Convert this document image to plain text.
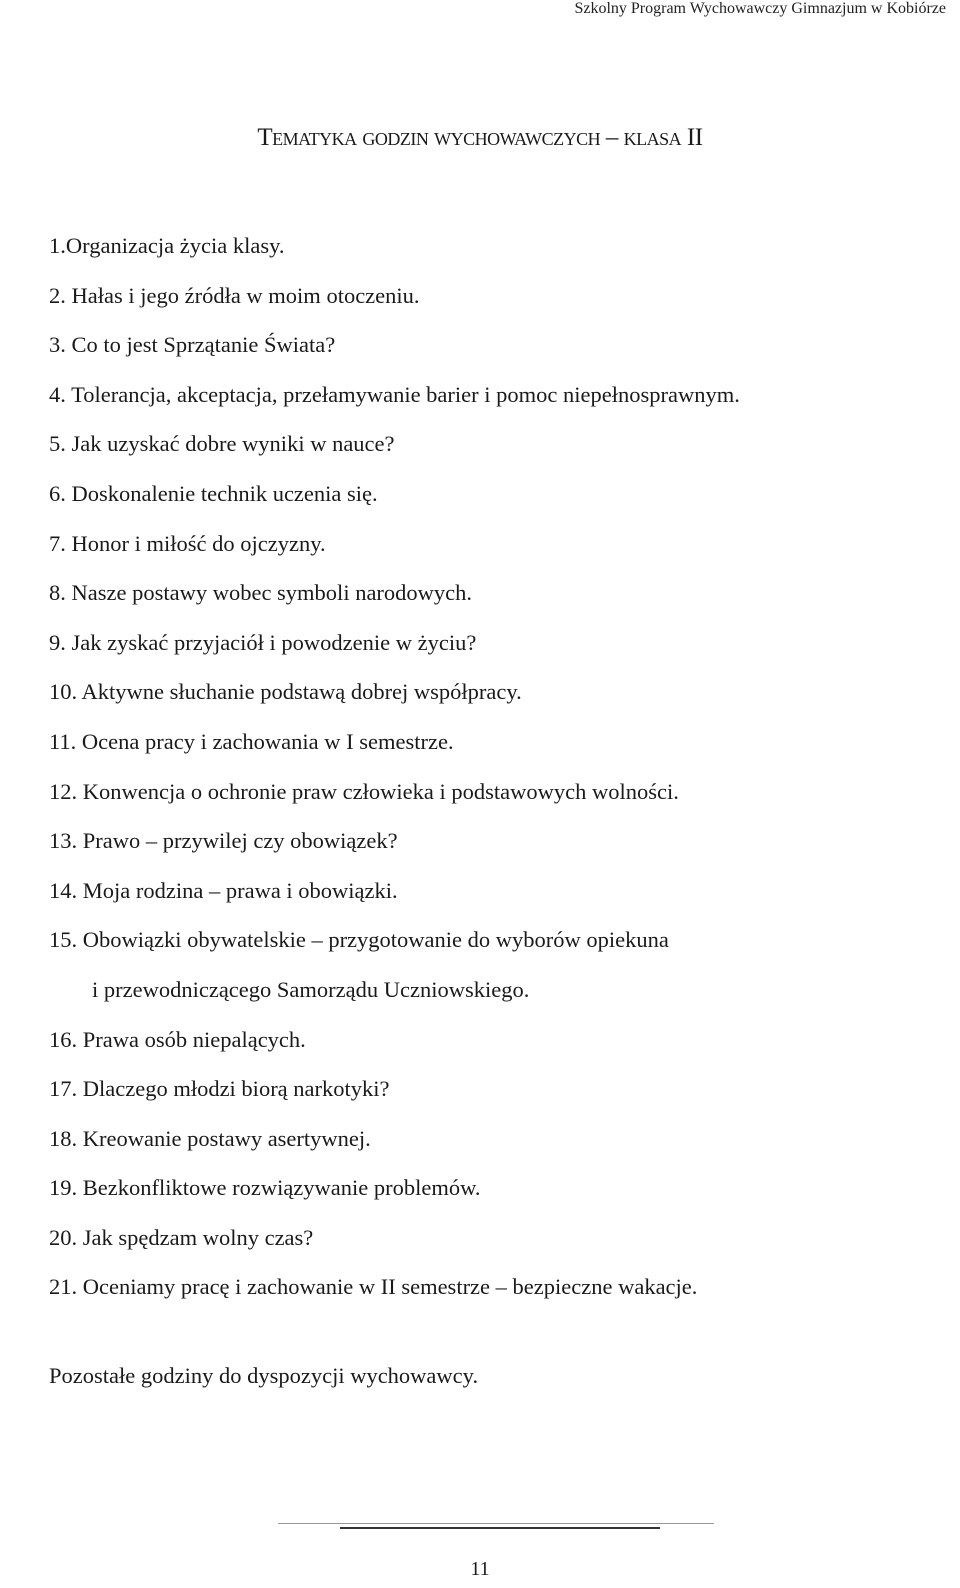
Szkolny Program Wychowawczy Gimnazjum w Kobiórze
Tematyka godzin wychowawczych – klasa II
1.Organizacja życia klasy.
2. Hałas i jego źródła w moim otoczeniu.
3. Co to jest Sprzątanie Świata?
4. Tolerancja, akceptacja, przełamywanie barier i pomoc niepełnosprawnym.
5. Jak uzyskać dobre wyniki w nauce?
6. Doskonalenie technik uczenia się.
7. Honor i miłość do ojczyzny.
8. Nasze postawy wobec symboli narodowych.
9. Jak zyskać przyjaciół i powodzenie w życiu?
10. Aktywne słuchanie podstawą dobrej współpracy.
11. Ocena pracy i zachowania w I semestrze.
12. Konwencja o ochronie praw człowieka i podstawowych wolności.
13. Prawo – przywilej czy obowiązek?
14. Moja rodzina – prawa i obowiązki.
15. Obowiązki obywatelskie – przygotowanie do wyborów opiekuna
i przewodniczącego Samorządu Uczniowskiego.
16. Prawa osób niepalących.
17. Dlaczego młodzi biorą narkotyki?
18. Kreowanie postawy asertywnej.
19. Bezkonfliktowe rozwiązywanie problemów.
20. Jak spędzam wolny czas?
21. Oceniamy pracę i zachowanie w II semestrze – bezpieczne wakacje.
Pozostałe godziny do dyspozycji wychowawcy.
11
